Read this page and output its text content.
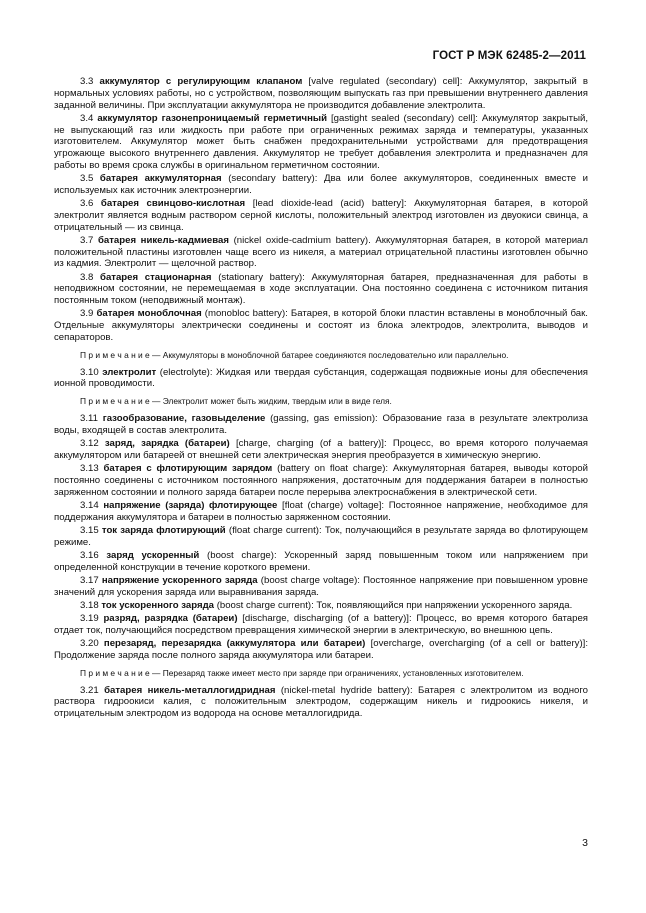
ГОСТ Р МЭК 62485-2—2011

3.3 аккумулятор с регулирующим клапаном [valve regulated (secondary) cell]: Аккумулятор, закрытый в нормальных условиях работы, но с устройством, позволяющим выпускать газ при превышении внутреннего давления заданной величины. При эксплуатации аккумулятора не производится добавление электролита.

3.4 аккумулятор газонепроницаемый герметичный [gastight sealed (secondary) cell]: Аккумулятор закрытый, не выпускающий газ или жидкость при работе при ограниченных режимах заряда и температуры, указанных изготовителем. Аккумулятор может быть снабжен предохранительными устройствами для предотвращения угрожающе высокого внутреннего давления. Аккумулятор не требует добавления электролита и предназначен для работы во время срока службы в оригинальном герметичном состоянии.

3.5 батарея аккумуляторная (secondary battery): Два или более аккумуляторов, соединенных вместе и используемых как источник электроэнергии.

3.6 батарея свинцово-кислотная [lead dioxide-lead (acid) battery]: Аккумуляторная батарея, в которой электролит является водным раствором серной кислоты, положительный электрод изготовлен из двуокиси свинца, а отрицательный — из свинца.

3.7 батарея никель-кадмиевая (nickel oxide-cadmium battery). Аккумуляторная батарея, в которой материал положительной пластины изготовлен чаще всего из никеля, а материал отрицательной пластины изготовлен обычно из кадмия. Электролит — щелочной раствор.

3.8 батарея стационарная (stationary battery): Аккумуляторная батарея, предназначенная для работы в неподвижном состоянии, не перемещаемая в ходе эксплуатации. Она постоянно соединена с источником питания постоянным током (неподвижный монтаж).

3.9 батарея моноблочная (monobloc battery): Батарея, в которой блоки пластин вставлены в моноблочный бак. Отдельные аккумуляторы электрически соединены и состоят из блока электродов, электролита, выводов и сепараторов.

П р и м е ч а н и е — Аккумуляторы в моноблочной батарее соединяются последовательно или параллельно.

3.10 электролит (electrolyte): Жидкая или твердая субстанция, содержащая подвижные ионы для обеспечения ионной проводимости.

П р и м е ч а н и е — Электролит может быть жидким, твердым или в виде геля.

3.11 газообразование, газовыделение (gassing, gas emission): Образование газа в результате электролиза воды, входящей в состав электролита.

3.12 заряд, зарядка (батареи) [charge, charging (of a battery)]: Процесс, во время которого получаемая аккумулятором или батареей от внешней сети электрическая энергия преобразуется в химическую энергию.

3.13 батарея с флотирующим зарядом (battery on float charge): Аккумуляторная батарея, выводы которой постоянно соединены с источником постоянного напряжения, достаточным для поддержания батареи в полностью заряженном состоянии и полного заряда батареи после перерыва электроснабжения в электрической сети.

3.14 напряжение (заряда) флотирующее [float (charge) voltage]: Постоянное напряжение, необходимое для поддержания аккумулятора и батареи в полностью заряженном состоянии.

3.15 ток заряда флотирующий (float charge current): Ток, получающийся в результате заряда во флотирующем режиме.

3.16 заряд ускоренный (boost charge): Ускоренный заряд повышенным током или напряжением при определенной конструкции в течение короткого времени.

3.17 напряжение ускоренного заряда (boost charge voltage): Постоянное напряжение при повышенном уровне значений для ускорения заряда или выравнивания заряда.

3.18 ток ускоренного заряда (boost charge current): Ток, появляющийся при напряжении ускоренного заряда.

3.19 разряд, разрядка (батареи) [discharge, discharging (of a battery)]: Процесс, во время которого батарея отдает ток, получающийся посредством превращения химической энергии в электрическую, во внешнюю цепь.

3.20 перезаряд, перезарядка (аккумулятора или батареи) [overcharge, overcharging (of a cell or battery)]: Продолжение заряда после полного заряда аккумулятора или батареи.

П р и м е ч а н и е — Перезаряд также имеет место при заряде при ограничениях, установленных изготовителем.

3.21 батарея никель-металлогидридная (nickel-metal hydride battery): Батарея с электролитом из водного раствора гидроокиси калия, с положительным электродом, содержащим никель и гидроокись никеля, и отрицательным электродом из водорода на основе металлогидрида.

3
